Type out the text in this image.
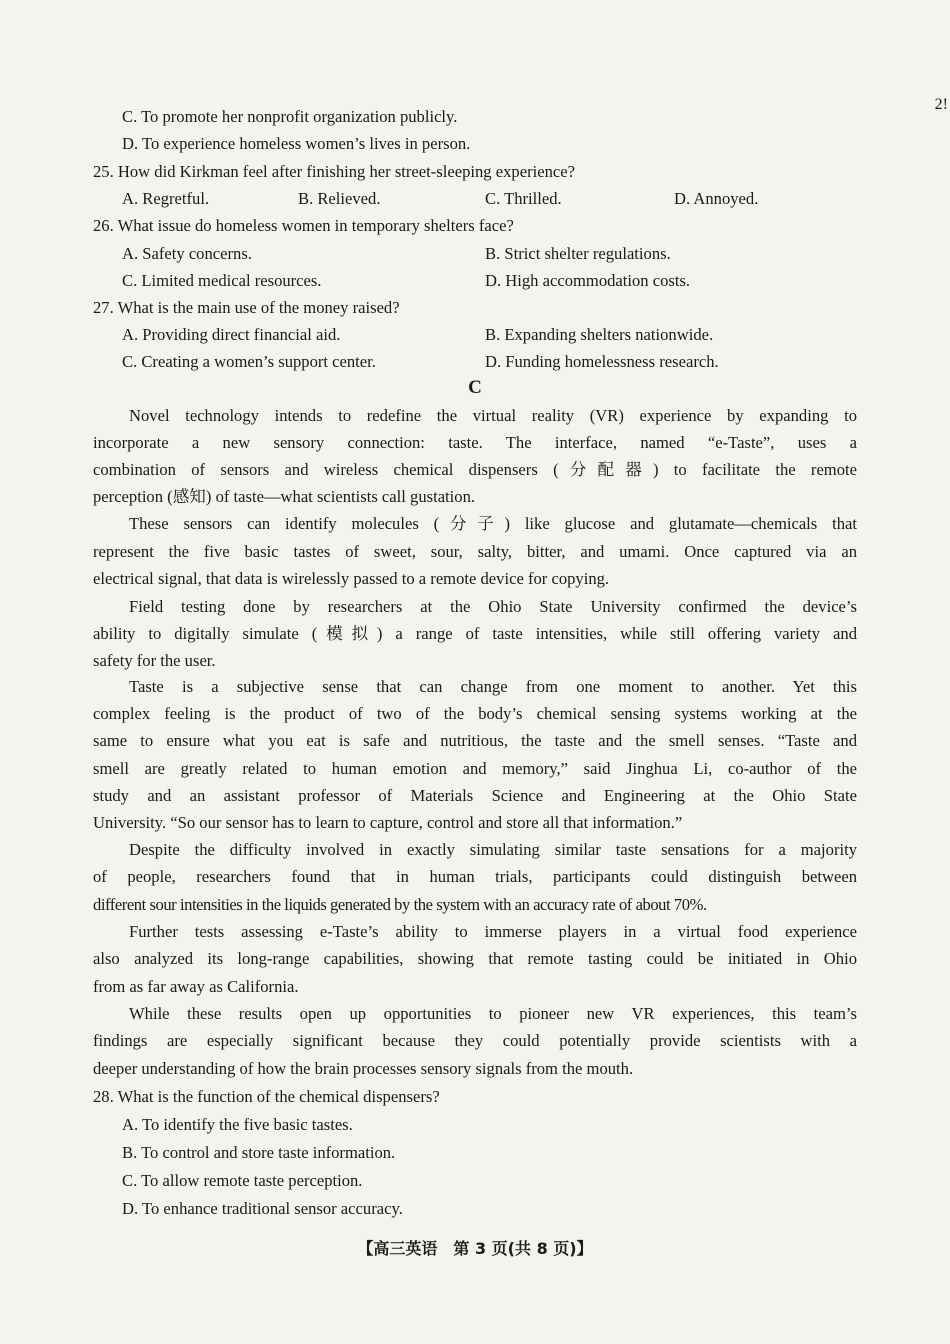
2!
C. To promote her nonprofit organization publicly.
D. To experience homeless women’s lives in person.
25. How did Kirkman feel after finishing her street-sleeping experience?
A. Regretful.	B. Relieved.	C. Thrilled.	D. Annoyed.
26. What issue do homeless women in temporary shelters face?
A. Safety concerns.	B. Strict shelter regulations.
C. Limited medical resources.	D. High accommodation costs.
27. What is the main use of the money raised?
A. Providing direct financial aid.	B. Expanding shelters nationwide.
C. Creating a women’s support center.	D. Funding homelessness research.
C
Novel technology intends to redefine the virtual reality (VR) experience by expanding to
incorporate a new sensory connection: taste. The interface, named “e-Taste”, uses a
combination of sensors and wireless chemical dispensers (分配器) to facilitate the remote
perception (感知) of taste—what scientists call gustation.
These sensors can identify molecules (分子) like glucose and glutamate—chemicals that
represent the five basic tastes of sweet, sour, salty, bitter, and umami. Once captured via an
electrical signal, that data is wirelessly passed to a remote device for copying.
Field testing done by researchers at the Ohio State University confirmed the device’s
ability to digitally simulate (模拟) a range of taste intensities, while still offering variety and
safety for the user.
Taste is a subjective sense that can change from one moment to another. Yet this
complex feeling is the product of two of the body’s chemical sensing systems working at the
same to ensure what you eat is safe and nutritious, the taste and the smell senses. “Taste and
smell are greatly related to human emotion and memory,” said Jinghua Li, co-author of the
study and an assistant professor of Materials Science and Engineering at the Ohio State
University. “So our sensor has to learn to capture, control and store all that information.”
Despite the difficulty involved in exactly simulating similar taste sensations for a majority
of people, researchers found that in human trials, participants could distinguish between
different sour intensities in the liquids generated by the system with an accuracy rate of about 70%.
Further tests assessing e-Taste’s ability to immerse players in a virtual food experience
also analyzed its long-range capabilities, showing that remote tasting could be initiated in Ohio
from as far away as California.
While these results open up opportunities to pioneer new VR experiences, this team’s
findings are especially significant because they could potentially provide scientists with a
deeper understanding of how the brain processes sensory signals from the mouth.
28. What is the function of the chemical dispensers?
A. To identify the five basic tastes.
B. To control and store taste information.
C. To allow remote taste perception.
D. To enhance traditional sensor accuracy.
【高三英语　第 3 页(共 8 页)】
